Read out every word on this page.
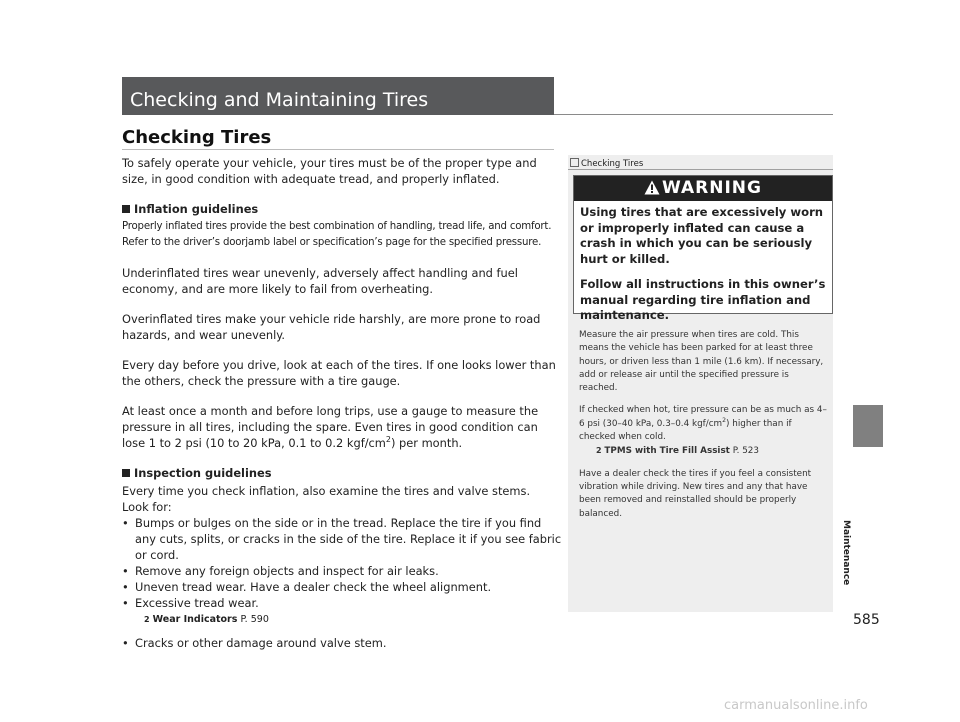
Checking and Maintaining Tires
Checking Tires

To safely operate your vehicle, your tires must be of the proper type and size, in good condition with adequate tread, and properly inflated.

Inflation guidelines

Properly inflated tires provide the best combination of handling, tread life, and comfort. Refer to the driver’s doorjamb label or specification’s page for the specified pressure.

Underinflated tires wear unevenly, adversely affect handling and fuel economy, and are more likely to fail from overheating.

Overinflated tires make your vehicle ride harshly, are more prone to road hazards, and wear unevenly.

Every day before you drive, look at each of the tires. If one looks lower than the others, check the pressure with a tire gauge.

At least once a month and before long trips, use a gauge to measure the pressure in all tires, including the spare. Even tires in good condition can lose 1 to 2 psi (10 to 20 kPa, 0.1 to 0.2 kgf/$cm^2$) per month.

Inspection guidelines
Every time you check inflation, also examine the tires and valve stems.
Look for:
• Bumps or bulges on the side or in the tread. Replace the tire if you find any cuts, splits, or cracks in the side of the tire. Replace it if you see fabric or cord.
• Remove any foreign objects and inspect for air leaks.
• Uneven tread wear. Have a dealer check the wheel alignment.
• Excessive tread wear.
2 Wear Indicators P. 590
• Cracks or other damage around valve stem.
Checking Tires
WARNING

Using tires that are excessively worn or improperly inflated can cause a crash in which you can be seriously hurt or killed.

Follow all instructions in this owner’s manual regarding tire inflation and maintenance.

Measure the air pressure when tires are cold. This means the vehicle has been parked for at least three hours, or driven less than 1 mile (1.6 km). If necessary, add or release air until the specified pressure is reached.

If checked when hot, tire pressure can be as much as 4–6 psi (30–40 kPa, 0.3–0.4 kgf/$cm^2$) higher than if checked when cold.
2 TPMS with Tire Fill Assist P. 523

Have a dealer check the tires if you feel a consistent vibration while driving. New tires and any that have been removed and reinstalled should be properly balanced.

Maintenance
585
carmanualsonline.info
